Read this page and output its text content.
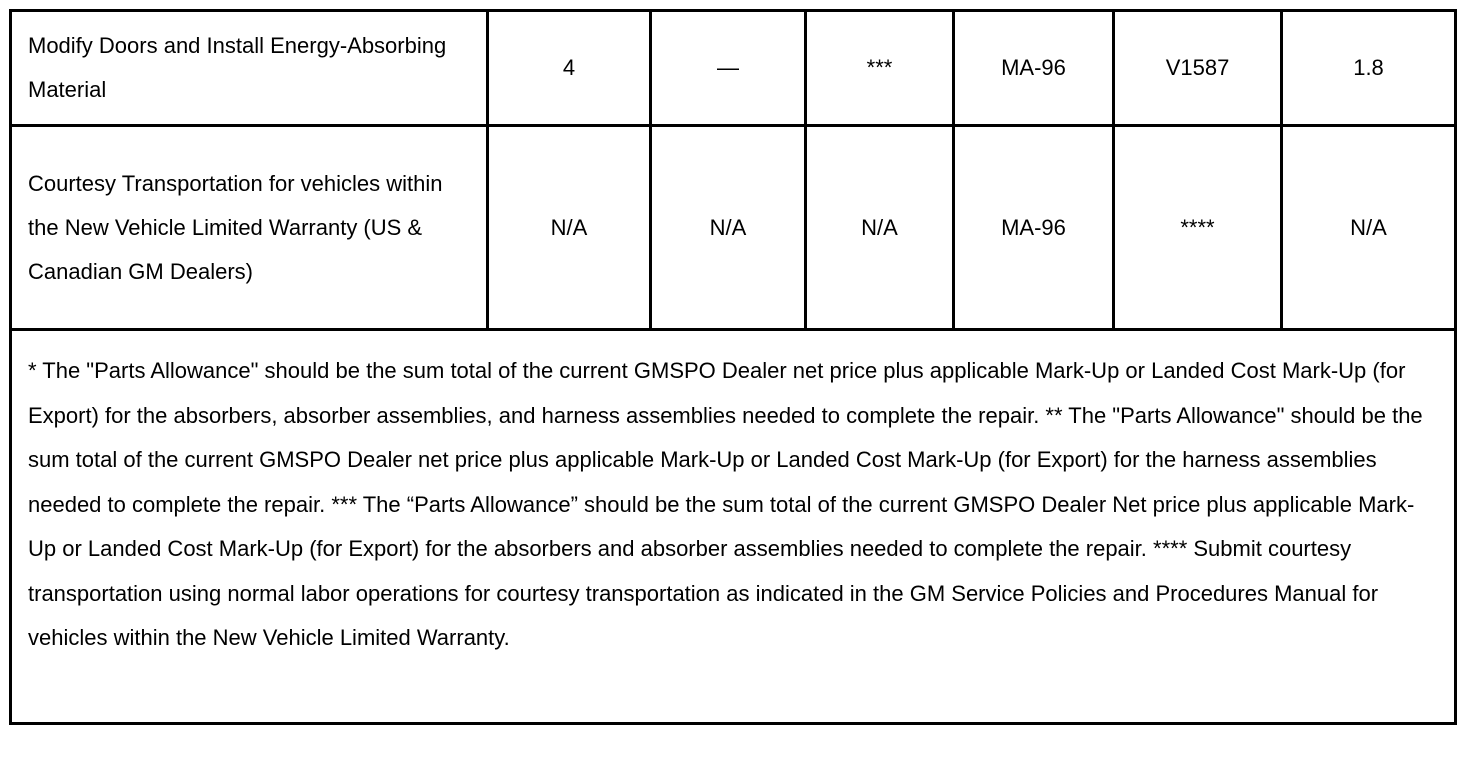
Modify Doors and Install Energy-Absorbing Material	4	—	***	MA-96	V1587	1.8
Courtesy Transportation for vehicles within the New Vehicle Limited Warranty (US & Canadian GM Dealers)	N/A	N/A	N/A	MA-96	****	N/A
* The "Parts Allowance" should be the sum total of the current GMSPO Dealer net price plus applicable Mark-Up or Landed Cost Mark-Up (for Export) for the absorbers, absorber assemblies, and harness assemblies needed to complete the repair. ** The "Parts Allowance" should be the sum total of the current GMSPO Dealer net price plus applicable Mark-Up or Landed Cost Mark-Up (for Export) for the harness assemblies needed to complete the repair. *** The “Parts Allowance” should be the sum total of the current GMSPO Dealer Net price plus applicable Mark-Up or Landed Cost Mark-Up (for Export) for the absorbers and absorber assemblies needed to complete the repair. **** Submit courtesy transportation using normal labor operations for courtesy transportation as indicated in the GM Service Policies and Procedures Manual for vehicles within the New Vehicle Limited Warranty.						
